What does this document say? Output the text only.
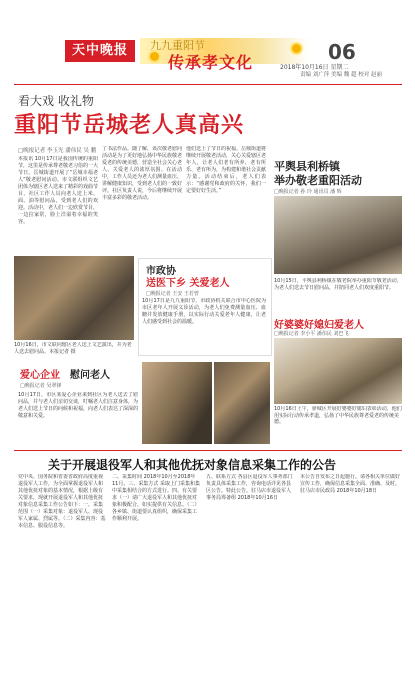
天中晚报	九九重阳节
传承孝文化	06
2018年10月16日 星期二
责编 刘广萍 美编 魏 超 校对 赵丽
看大戏 收礼物
重阳节岳城老人真高兴
□晚报记者 李玉光 潘伟民 吴 鹏
本报讯 10月17日是我国传统的重阳节，这里是传承尊老敬老习俗的一大节日。岳城街道开展了“岳城幸福老人”敬老慰问活动。市文联组织文艺团体为辖区老人送来了精彩的戏曲节目，社区工作人员向老人送上米、面、油等慰问品，受到老人们的欢迎。活动中，老人们一边欣赏节目，一边拉家常，脸上洋溢着幸福的笑容。
了书法作品。随了解，该次敬老慰问活动是为了更好地弘扬中华民族敬老爱老的传统美德，营造全社会关心老人、关爱老人的浓厚氛围。在活动中，工作人员还为老人们测量血压、讲解健康知识，受到老人们的一致好评。社区负责人说，今后将继续开展丰富多彩的敬老活动。
他们送上了节日的祝福。岳城街道将继续开展敬老活动，关心关爱辖区老年人，让老人们老有所养、老有所乐、老有所为，为构建和谐社会贡献力量。活动结束后，老人们表示：“感谢党和政府的关怀，我们一定要好好生活。”
10月16日，市文联向辖区老人送上文艺演出，并为老人送去慰问品。本报记者 摄
平舆县利桥镇
举办敬老重阳活动
□晚报记者 孙 玲 通讯员 潘 辉
10月15日，平舆县利桥镇在敬老院举办重阳节敬老活动，为老人们送去节日慰问品，并陪同老人们欢度重阳节。
市政协
送医下乡 关爱老人
□晚报记者 王安 王若曾
10月17日是九九重阳节，市政协机关联合市中心医院为市区老年人开展义诊活动，为老人们免费测量血压、血糖并发放健康手册，以实际行动关爱老年人健康，让老人们感受到社会的温暖。	好婆婆好媳妇爱老人
□晚报记者 李小平 潘伟民 刘巴飞
10月16日上午，驿城区开展好婆婆好媳妇表彰活动，他们用实际行动传承孝道，弘扬了中华民族尊老爱老的传统美德。
爱心企业 慰问老人
□晚报记者 吴翠锋
10月17日，市区某爱心企业来到社区为老人送去了慰问品，并与老人们亲切交谈，叮嘱老人们注意身体，为老人们送上节日的问候和祝福，向老人们表达了深深的敬意和关爱。
关于开展退役军人和其他优抚对象信息采集工作的公告
党中央、国务院和省委省政府高度重视退役军人工作，为全面掌握退役军人和其他优抚对象的基本情况，根据上级有关要求，现就开展退役军人和其他优抚对象信息采集工作公告如下：一、采集范围（一）采集对象：退役军人、现役军人家属、烈属等。（二）采集内容：基本信息、服役信息等。
二、采集时间 2018年10月至2018年11月。三、采集方式 采取上门采集和集中采集相结合的方式进行。四、有关要求（一）请广大退役军人和其他优抚对象积极配合，如实提供有关信息。（二）各乡镇、街道要认真组织，确保采集工作顺利开展。
五、联系方式 各县区退役军人事务部门负责具体采集工作，咨询电话详见各县区公告。特此公告。驻马店市退役军人事务局筹备组 2018年10月16日
本公告自发布之日起施行。请各相关单位做好宣传工作，确保信息采集全面、准确、及时。驻马店市民政局 2018年10月18日
